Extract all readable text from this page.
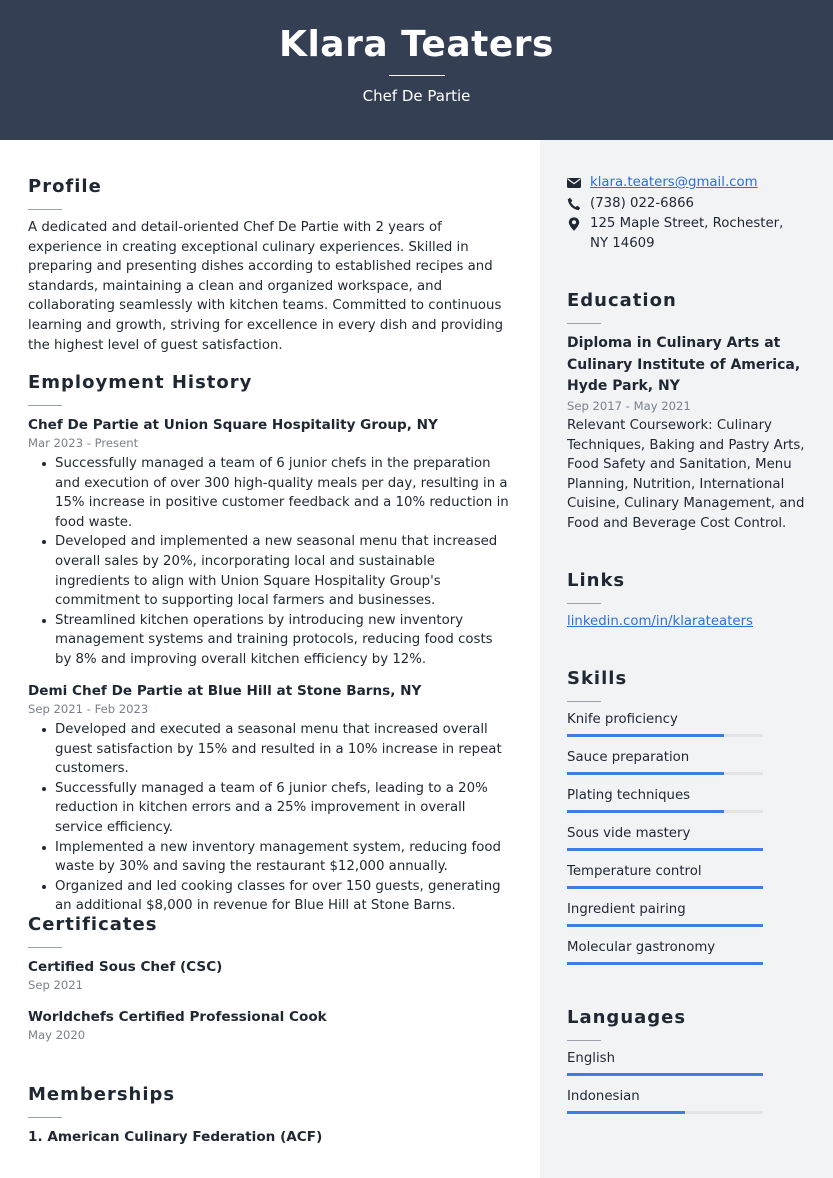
Klara Teaters
Chef De Partie
Profile
A dedicated and detail-oriented Chef De Partie with 2 years of experience in creating exceptional culinary experiences. Skilled in preparing and presenting dishes according to established recipes and standards, maintaining a clean and organized workspace, and collaborating seamlessly with kitchen teams. Committed to continuous learning and growth, striving for excellence in every dish and providing the highest level of guest satisfaction.
Employment History
Chef De Partie at Union Square Hospitality Group, NY
Mar 2023 - Present
Successfully managed a team of 6 junior chefs in the preparation and execution of over 300 high-quality meals per day, resulting in a 15% increase in positive customer feedback and a 10% reduction in food waste.
Developed and implemented a new seasonal menu that increased overall sales by 20%, incorporating local and sustainable ingredients to align with Union Square Hospitality Group's commitment to supporting local farmers and businesses.
Streamlined kitchen operations by introducing new inventory management systems and training protocols, reducing food costs by 8% and improving overall kitchen efficiency by 12%.
Demi Chef De Partie at Blue Hill at Stone Barns, NY
Sep 2021 - Feb 2023
Developed and executed a seasonal menu that increased overall guest satisfaction by 15% and resulted in a 10% increase in repeat customers.
Successfully managed a team of 6 junior chefs, leading to a 20% reduction in kitchen errors and a 25% improvement in overall service efficiency.
Implemented a new inventory management system, reducing food waste by 30% and saving the restaurant $12,000 annually.
Organized and led cooking classes for over 150 guests, generating an additional $8,000 in revenue for Blue Hill at Stone Barns.
Certificates
Certified Sous Chef (CSC)
Sep 2021
Worldchefs Certified Professional Cook
May 2020
Memberships
1. American Culinary Federation (ACF)
klara.teaters@gmail.com
(738) 022-6866
125 Maple Street, Rochester, NY 14609
Education
Diploma in Culinary Arts at Culinary Institute of America, Hyde Park, NY
Sep 2017 - May 2021
Relevant Coursework: Culinary Techniques, Baking and Pastry Arts, Food Safety and Sanitation, Menu Planning, Nutrition, International Cuisine, Culinary Management, and Food and Beverage Cost Control.
Links
linkedin.com/in/klarateaters
Skills
Knife proficiency
Sauce preparation
Plating techniques
Sous vide mastery
Temperature control
Ingredient pairing
Molecular gastronomy
Languages
English
Indonesian
